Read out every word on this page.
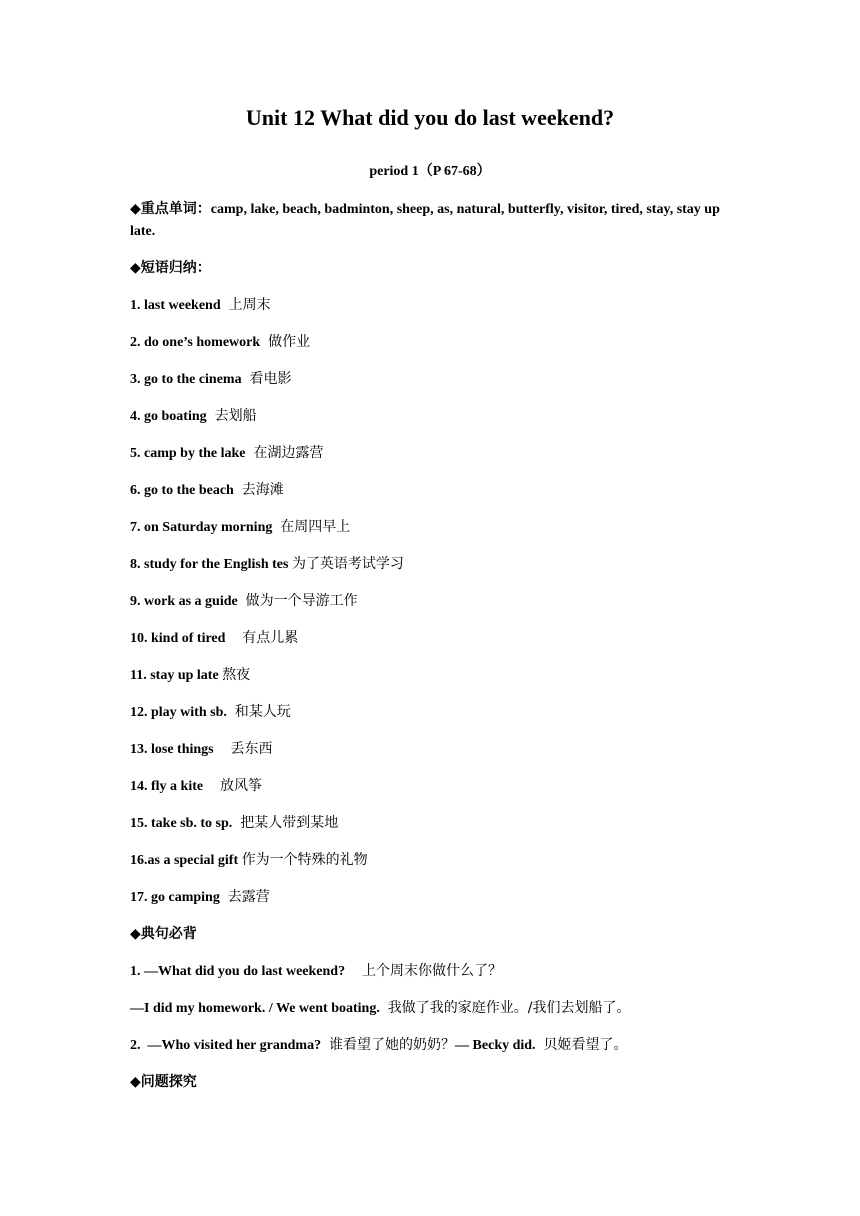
Unit 12 What did you do last weekend?
period 1（P 67-68）
◆重点单词：camp, lake, beach, badminton, sheep, as, natural, butterfly, visitor, tired, stay, stay up late.
◆短语归纳：
1. last weekend  上周末
2. do one’s homework  做作业
3. go to the cinema  看电影
4. go boating  去划船
5. camp by the lake  在湖边露营
6. go to the beach  去海滩
7. on Saturday morning  在周四早上
8. study for the English tes 为了英语考试学习
9. work as a guide  做为一个导游工作
10. kind of tired    有点儿累
11. stay up late 熬夜
12. play with sb.  和某人玩
13. lose things    丢东西
14. fly a kite    放风筝
15. take sb. to sp.  把某人带到某地
16.as a special gift 作为一个特殊的礼物
17. go camping  去露营
◆典句必背
1. —What did you do last weekend?    上个周末你做什么了？
—I did my homework. / We went boating.  我做了我的家庭作业。/我们去划船了。
2.  —Who visited her grandma?  谁看望了她的奶奶？— Becky did.  贝姬看望了。
◆问题探究
